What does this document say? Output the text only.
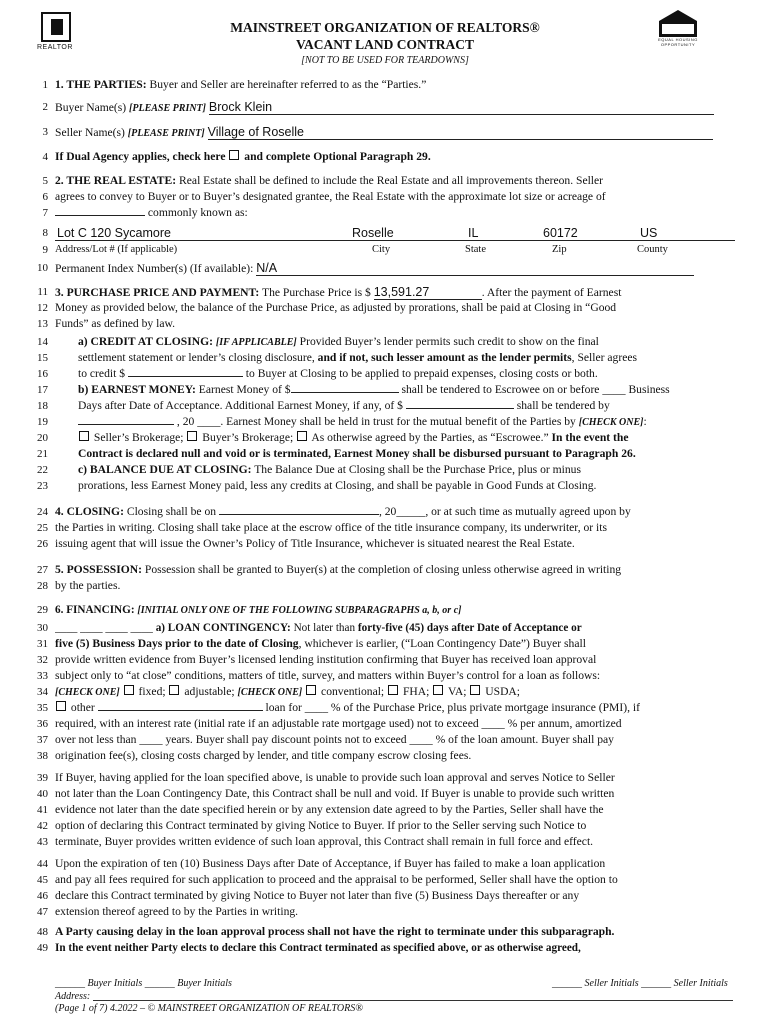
REALTOR
EQUAL HOUSING OPPORTUNITY
MAINSTREET ORGANIZATION OF REALTORS®
VACANT LAND CONTRACT
[NOT TO BE USED FOR TEARDOWNS]
1 1. THE PARTIES: Buyer and Seller are hereinafter referred to as the “Parties.”
2 Buyer Name(s) [PLEASE PRINT] Brock Klein
3 Seller Name(s) [PLEASE PRINT] Village of Roselle
4 If Dual Agency applies, check here  and complete Optional Paragraph 29.
5 2. THE REAL ESTATE: Real Estate shall be defined to include the Real Estate and all improvements thereon. Seller
6 agrees to convey to Buyer or to Buyer’s designated grantee, the Real Estate with the approximate lot size or acreage of
7	commonly known as:
8 Lot C 120 Sycamore	Roselle	IL	60172	US
9 Address/Lot # (If applicable)	City	State	Zip	County
10 Permanent Index Number(s) (If available): N/A
11 3. PURCHASE PRICE AND PAYMENT: The Purchase Price is $ 13,591.27	. After the payment of Earnest
12 Money as provided below, the balance of the Purchase Price, as adjusted by prorations, shall be paid at Closing in “Good
13 Funds” as defined by law.
14	a) CREDIT AT CLOSING: [IF APPLICABLE] Provided Buyer’s lender permits such credit to show on the final
15	settlement statement or lender’s closing disclosure, and if not, such lesser amount as the lender permits, Seller agrees
16	to credit $	to Buyer at Closing to be applied to prepaid expenses, closing costs or both.
17	b) EARNEST MONEY: Earnest Money of $	shall be tendered to Escrowee on or before ____ Business
18	Days after Date of Acceptance. Additional Earnest Money, if any, of $	shall be tendered by
19	, 20 ____. Earnest Money shall be held in trust for the mutual benefit of the Parties by [CHECK ONE]:
20	Seller’s Brokerage;  Buyer’s Brokerage;  As otherwise agreed by the Parties, as “Escrowee.” In the event the
21	Contract is declared null and void or is terminated, Earnest Money shall be disbursed pursuant to Paragraph 26.
22	c) BALANCE DUE AT CLOSING: The Balance Due at Closing shall be the Purchase Price, plus or minus
23	prorations, less Earnest Money paid, less any credits at Closing, and shall be payable in Good Funds at Closing.
24 4. CLOSING: Closing shall be on	, 20_____, or at such time as mutually agreed upon by
25 the Parties in writing. Closing shall take place at the escrow office of the title insurance company, its underwriter, or its
26 issuing agent that will issue the Owner’s Policy of Title Insurance, whichever is situated nearest the Real Estate.
27 5. POSSESSION: Possession shall be granted to Buyer(s) at the completion of closing unless otherwise agreed in writing
28 by the parties.
29 6. FINANCING: [INITIAL ONLY ONE OF THE FOLLOWING SUBPARAGRAPHS a, b, or c]
30 ____ ____ ____ ____ a) LOAN CONTINGENCY: Not later than forty-five (45) days after Date of Acceptance or
31 five (5) Business Days prior to the date of Closing, whichever is earlier, (“Loan Contingency Date”) Buyer shall
32 provide written evidence from Buyer’s licensed lending institution confirming that Buyer has received loan approval
33 subject only to “at close” conditions, matters of title, survey, and matters within Buyer’s control for a loan as follows:
34 [CHECK ONE]  fixed;  adjustable; [CHECK ONE]  conventional;  FHA;  VA;  USDA;
35	other	loan for ____ % of the Purchase Price, plus private mortgage insurance (PMI), if
36 required, with an interest rate (initial rate if an adjustable rate mortgage used) not to exceed ____ % per annum, amortized
37 over not less than ____ years. Buyer shall pay discount points not to exceed ____ % of the loan amount. Buyer shall pay
38 origination fee(s), closing costs charged by lender, and title company escrow closing fees.
39 If Buyer, having applied for the loan specified above, is unable to provide such loan approval and serves Notice to Seller
40 not later than the Loan Contingency Date, this Contract shall be null and void. If Buyer is unable to provide such written
41 evidence not later than the date specified herein or by any extension date agreed to by the Parties, Seller shall have the
42 option of declaring this Contract terminated by giving Notice to Buyer. If prior to the Seller serving such Notice to
43 terminate, Buyer provides written evidence of such loan approval, this Contract shall remain in full force and effect.
44 Upon the expiration of ten (10) Business Days after Date of Acceptance, if Buyer has failed to make a loan application
45 and pay all fees required for such application to proceed and the appraisal to be performed, Seller shall have the option to
46 declare this Contract terminated by giving Notice to Buyer not later than five (5) Business Days thereafter or any
47 extension thereof agreed to by the Parties in writing.
48 A Party causing delay in the loan approval process shall not have the right to terminate under this subparagraph.
49 In the event neither Party elects to declare this Contract terminated as specified above, or as otherwise agreed,
______ Buyer Initials ______ Buyer Initials	______ Seller Initials ______ Seller Initials
Address:
(Page 1 of 7) 4.2022 – © MAINSTREET ORGANIZATION OF REALTORS®
